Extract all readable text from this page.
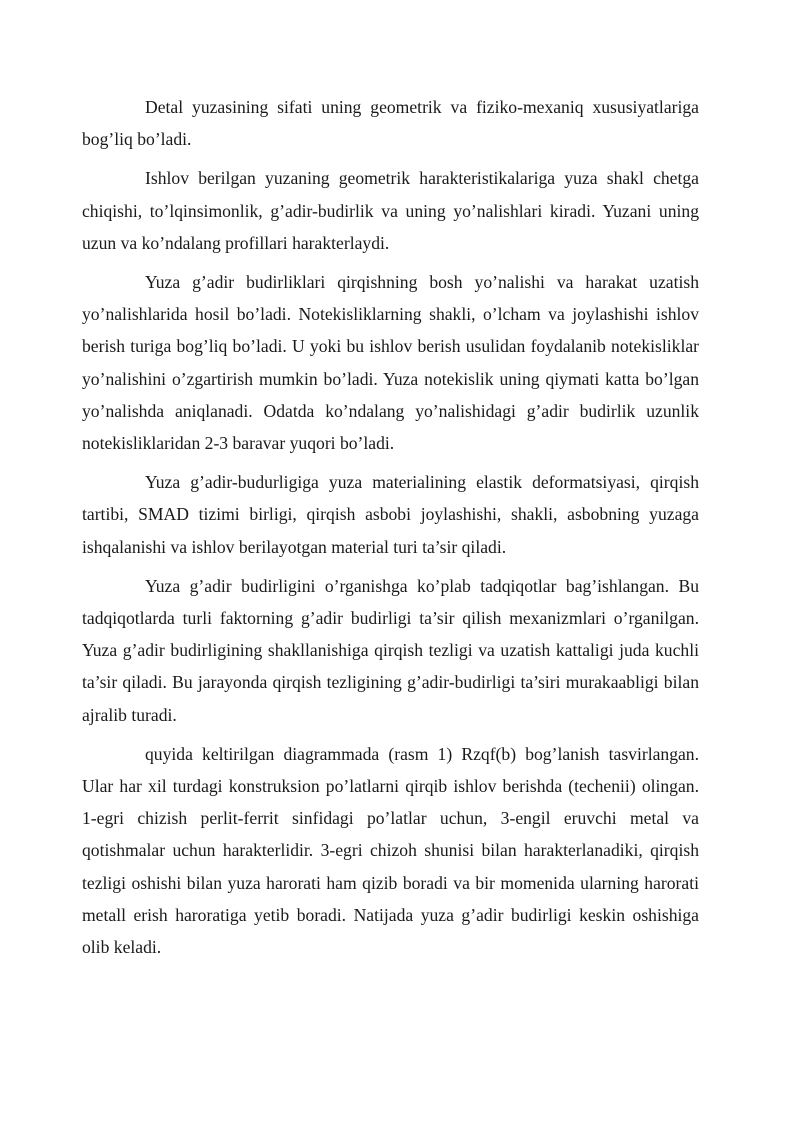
Detal yuzasining sifati uning geometrik va fiziko-mexaniq xususiyatlariga bog’liq bo’ladi.

Ishlov berilgan yuzaning geometrik harakteristikalariga yuza shakl chetga chiqishi, to’lqinsimonlik, g’adir-budirlik va uning yo’nalishlari kiradi. Yuzani uning uzun va ko’ndalang profillari harakterlaydi.

Yuza g’adir budirliklari qirqishning bosh yo’nalishi va harakat uzatish yo’nalishlarida hosil bo’ladi. Notekisliklarning shakli, o’lcham va joylashishi ishlov berish turiga bog’liq bo’ladi. U yoki bu ishlov berish usulidan foydalanib notekisliklar yo’nalishini o’zgartirish mumkin bo’ladi. Yuza notekislik uning qiymati katta bo’lgan yo’nalishda aniqlanadi. Odatda ko’ndalang yo’nalishidagi g’adir budirlik uzunlik notekisliklaridan 2-3 baravar yuqori bo’ladi.

Yuza g’adir-budurligiga yuza materialining elastik deformatsiyasi, qirqish tartibi, SMAD tizimi birligi, qirqish asbobi joylashishi, shakli, asbobning yuzaga ishqalanishi va ishlov berilayotgan material turi ta’sir qiladi.

Yuza g’adir budirligini o’rganishga ko’plab tadqiqotlar bag’ishlangan. Bu tadqiqotlarda turli faktorning g’adir budirligi ta’sir qilish mexanizmlari o’rganilgan. Yuza g’adir budirligining shakllanishiga qirqish tezligi va uzatish kattaligi juda kuchli ta’sir qiladi. Bu jarayonda qirqish tezligining g’adir-budirligi ta’siri murakaabligi bilan ajralib turadi.

quyida keltirilgan diagrammada (rasm 1) Rzqf(b) bog’lanish tasvirlangan. Ular har xil turdagi konstruksion po’latlarni qirqib ishlov berishda (techenii) olingan. 1-egri chizish perlit-ferrit sinfidagi po’latlar uchun, 3-engil eruvchi metal va qotishmalar uchun harakterlidir. 3-egri chizoh shunisi bilan harakterlanadiki, qirqish tezligi oshishi bilan yuza harorati ham qizib boradi va bir momenida ularning harorati metall erish haroratiga yetib boradi. Natijada yuza g’adir budirligi keskin oshishiga olib keladi.
